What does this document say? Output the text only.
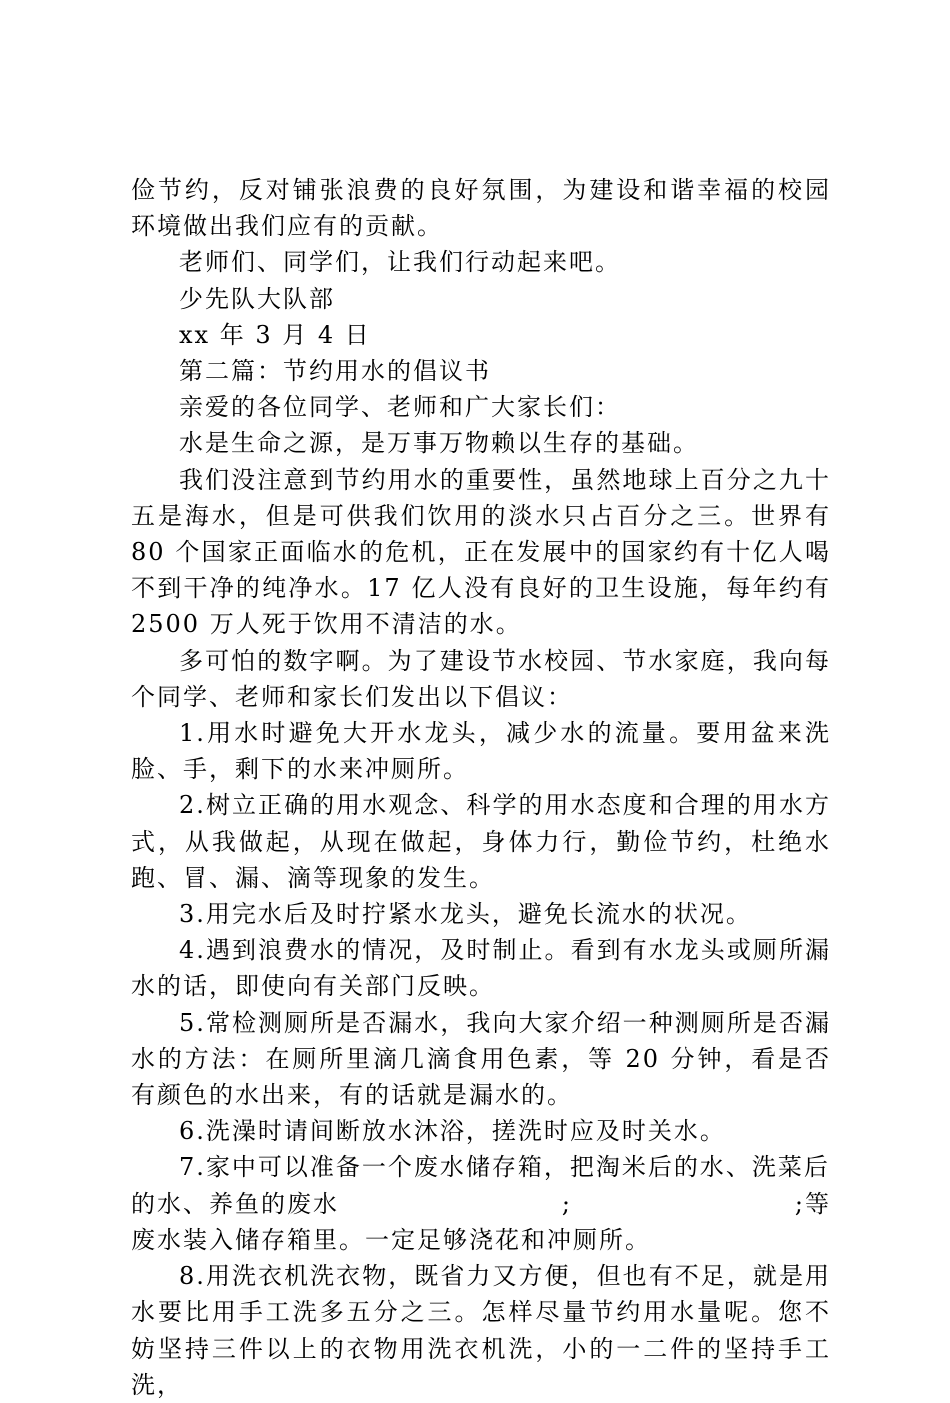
俭节约，反对铺张浪费的良好氛围，为建设和谐幸福的校园环境做出我们应有的贡献。

老师们、同学们，让我们行动起来吧。

少先队大队部

xx 年 3 月 4 日

第二篇：节约用水的倡议书

亲爱的各位同学、老师和广大家长们：

水是生命之源，是万事万物赖以生存的基础。

我们没注意到节约用水的重要性，虽然地球上百分之九十五是海水，但是可供我们饮用的淡水只占百分之三。世界有 80 个国家正面临水的危机，正在发展中的国家约有十亿人喝不到干净的纯净水。17 亿人没有良好的卫生设施，每年约有 2500 万人死于饮用不清洁的水。

多可怕的数字啊。为了建设节水校园、节水家庭，我向每个同学、老师和家长们发出以下倡议：

1.用水时避免大开水龙头，减少水的流量。要用盆来洗脸、手，剩下的水来冲厕所。

2.树立正确的用水观念、科学的用水态度和合理的用水方式，从我做起，从现在做起，身体力行，勤俭节约，杜绝水跑、冒、漏、滴等现象的发生。

3.用完水后及时拧紧水龙头，避免长流水的状况。

4.遇到浪费水的情况，及时制止。看到有水龙头或厕所漏水的话，即使向有关部门反映。

5.常检测厕所是否漏水，我向大家介绍一种测厕所是否漏水的方法：在厕所里滴几滴食用色素，等 20 分钟，看是否有颜色的水出来，有的话就是漏水的。

6.洗澡时请间断放水沐浴，搓洗时应及时关水。

7.家中可以准备一个废水储存箱，把淘米后的水、洗菜后
的水、养鱼的废水	;	;等
废水装入储存箱里。一定足够浇花和冲厕所。

8.用洗衣机洗衣物，既省力又方便，但也有不足，就是用水要比用手工洗多五分之三。怎样尽量节约用水量呢。您不妨坚持三件以上的衣物用洗衣机洗，小的一二件的坚持手工洗，
